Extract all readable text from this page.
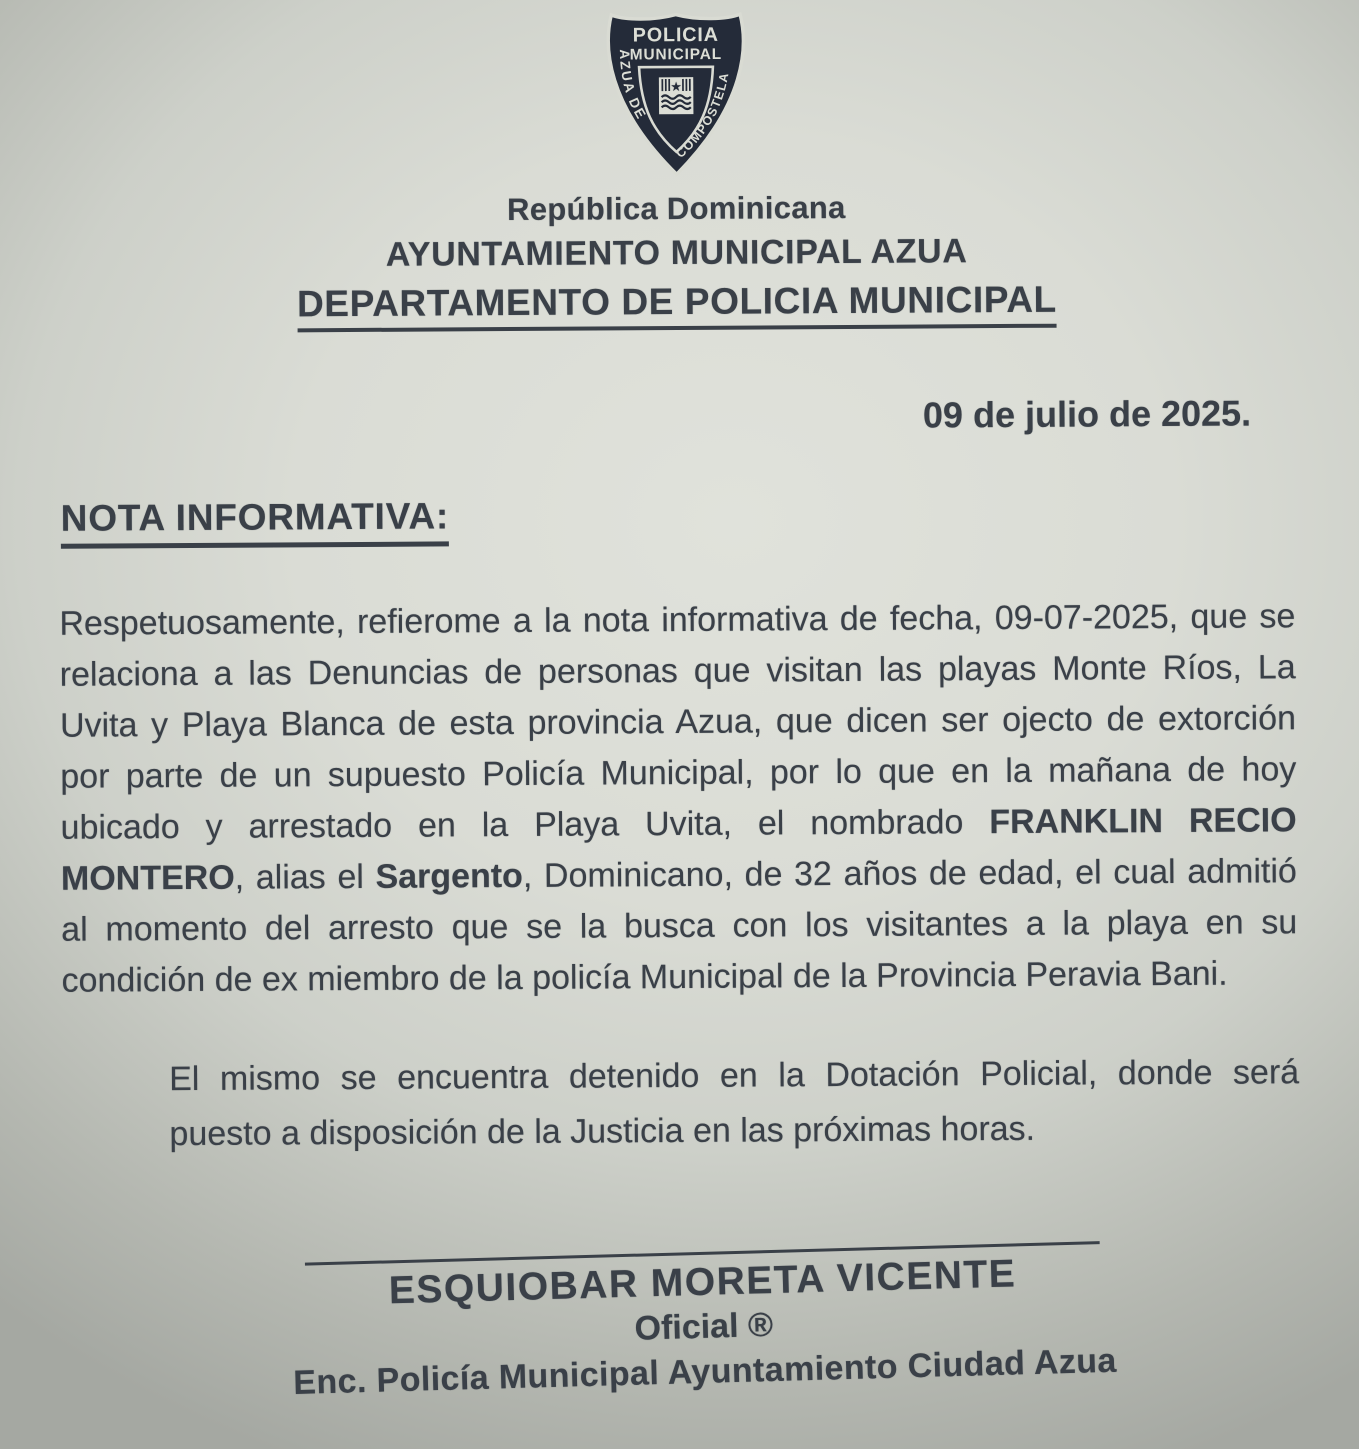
POLICIA
MUNICIPAL
AZUA DE
COMPOSTELA
★
República Dominicana
AYUNTAMIENTO MUNICIPAL AZUA
DEPARTAMENTO DE POLICIA MUNICIPAL
09 de julio de 2025.
NOTA INFORMATIVA:

Respetuosamente, refierome a la nota informativa de fecha, 09-07-2025, que se relaciona a las Denuncias de personas que visitan las playas Monte Ríos, La Uvita y Playa Blanca de esta provincia Azua, que dicen ser ojecto de extorción por parte de un supuesto Policía Municipal, por lo que en la mañana de hoy ubicado y arrestado en la Playa Uvita, el nombrado FRANKLIN RECIO MONTERO, alias el Sargento, Dominicano, de 32 años de edad, el cual admitió al momento del arresto que se la busca con los visitantes a la playa en su condición de ex miembro de la policía Municipal de la Provincia Peravia Bani.

El mismo se encuentra detenido en la Dotación Policial, donde será puesto a disposición de la Justicia en las próximas horas.

ESQUIOBAR MORETA VICENTE
Oficial ®
Enc. Policía Municipal Ayuntamiento Ciudad Azua
